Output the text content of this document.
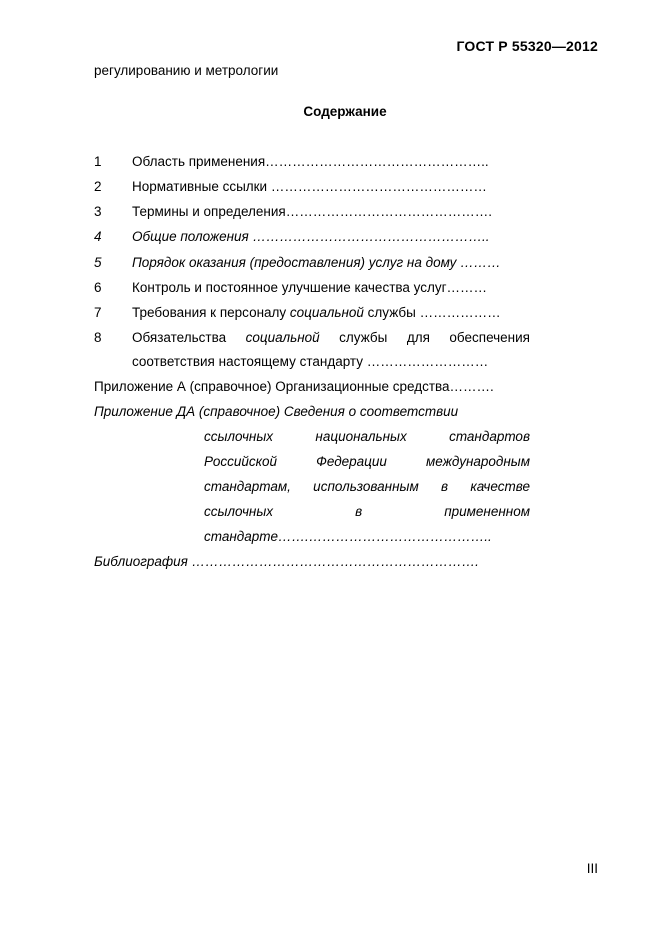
ГОСТ Р 55320—2012
регулированию и метрологии
Содержание
1	Область применения…………………………………………..
2	Нормативные ссылки …………………………………………
3	Термины и определения……………………………………….
4	Общие положения ……………………………………………..
5	Порядок оказания (предоставления) услуг на дому ………
6	Контроль и постоянное улучшение качества услуг………
7	Требования к персоналу социальной службы ………………
8	Обязательства социальной службы для обеспечения
соответствия настоящему стандарту ………………………
Приложение А (справочное) Организационные средства……….
Приложение ДА (справочное) Сведения о соответствии
ссылочных национальных стандартов
Российской Федерации международным
стандартам, использованным в качестве
ссылочных в примененном
стандарте…….…………………………………..
Библиография ……………………………………………………….
III
